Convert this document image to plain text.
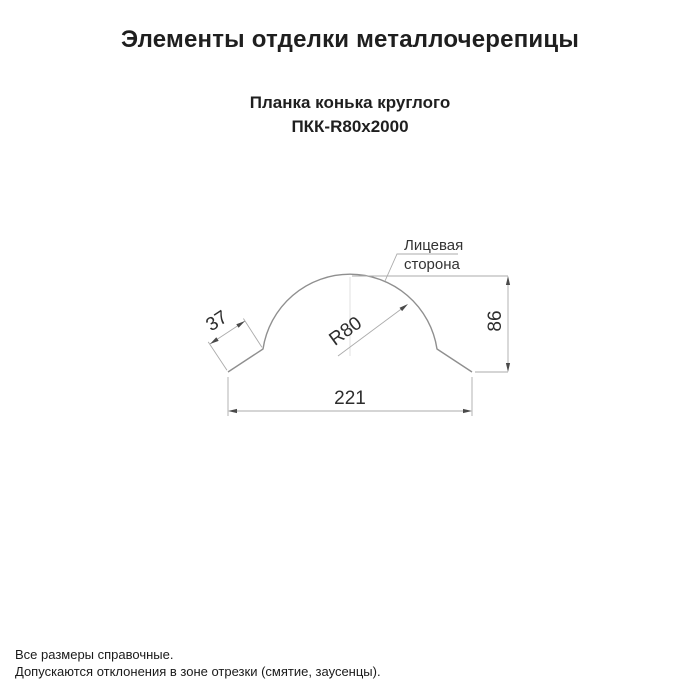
Элементы отделки металлочерепицы
Планка конька круглого
ПКК-R80x2000
R80
Лицевая
сторона
86
221
37
Все размеры справочные.
Допускаются отклонения в зоне отрезки (смятие, заусенцы).
